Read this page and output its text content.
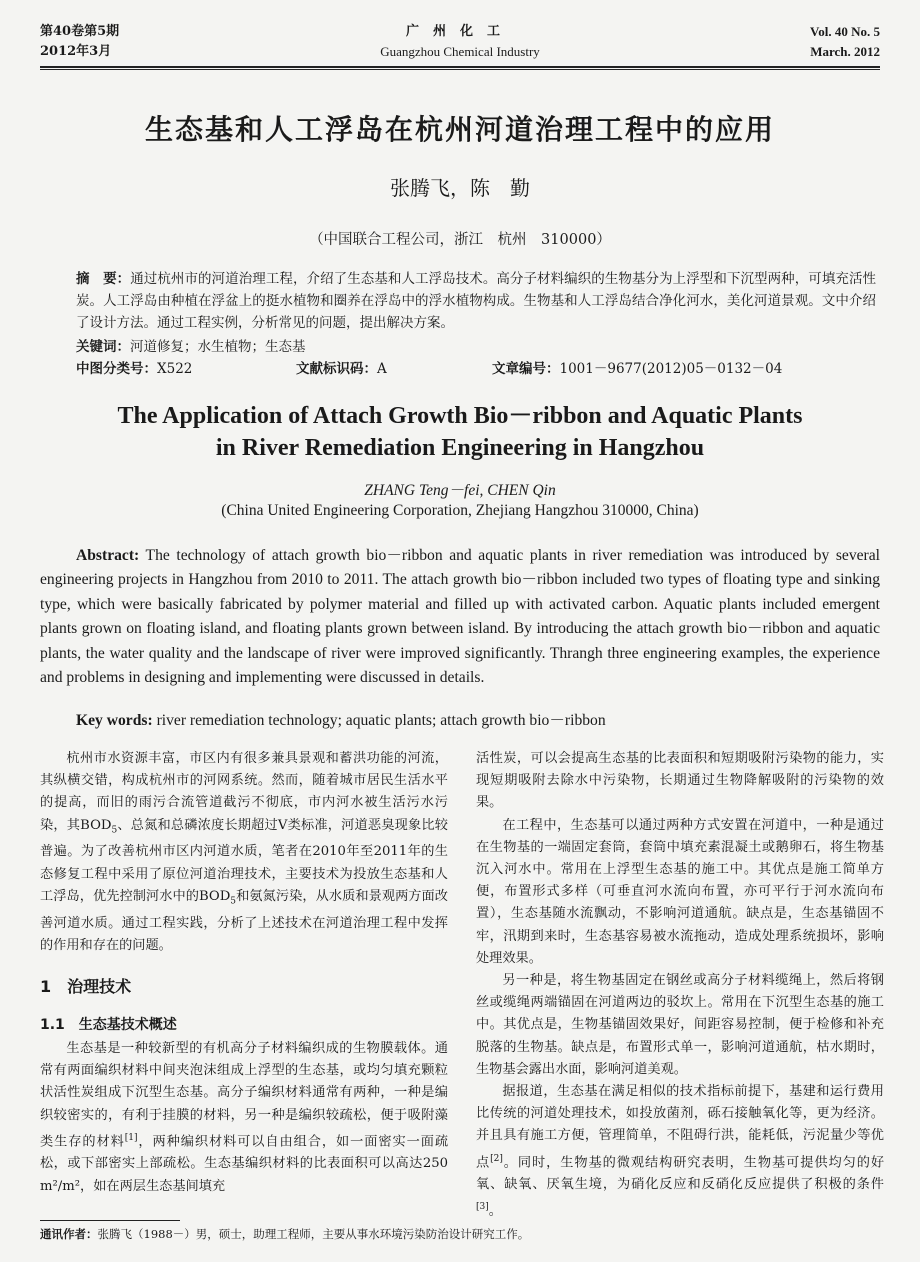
第40卷第5期
2012年3月
广州化工
Guangzhou Chemical Industry
Vol. 40 No. 5
March. 2012
生态基和人工浮岛在杭州河道治理工程中的应用
张腾飞，陈　勤
（中国联合工程公司，浙江　杭州　310000）
摘　要：通过杭州市的河道治理工程，介绍了生态基和人工浮岛技术。高分子材料编织的生物基分为上浮型和下沉型两种，可填充活性炭。人工浮岛由种植在浮盆上的挺水植物和圈养在浮岛中的浮水植物构成。生物基和人工浮岛结合净化河水，美化河道景观。文中介绍了设计方法。通过工程实例，分析常见的问题，提出解决方案。
关键词：河道修复；水生植物；生态基
中图分类号：X522	文献标识码：A	文章编号：1001－9677(2012)05－0132－04
The Application of Attach Growth Bio－ribbon and Aquatic Plants
in River Remediation Engineering in Hangzhou
ZHANG Teng－fei, CHEN Qin
(China United Engineering Corporation, Zhejiang Hangzhou 310000, China)
Abstract: The technology of attach growth bio－ribbon and aquatic plants in river remediation was introduced by several engineering projects in Hangzhou from 2010 to 2011. The attach growth bio－ribbon included two types of floating type and sinking type, which were basically fabricated by polymer material and filled up with activated carbon. Aquatic plants included emergent plants grown on floating island, and floating plants grown between island. By introducing the attach growth bio－ribbon and aquatic plants, the water quality and the landscape of river were improved significantly. Thrangh three engineering examples, the experience and problems in designing and implementing were discussed in details.
Key words: river remediation technology; aquatic plants; attach growth bio－ribbon

杭州市水资源丰富，市区内有很多兼具景观和蓄洪功能的河流，其纵横交错，构成杭州市的河网系统。然而，随着城市居民生活水平的提高，而旧的雨污合流管道截污不彻底，市内河水被生活污水污染，其$BOD_5$、总氮和总磷浓度长期超过Ⅴ类标准，河道恶臭现象比较普遍。为了改善杭州市区内河道水质，笔者在2010年至2011年的生态修复工程中采用了原位河道治理技术，主要技术为投放生态基和人工浮岛，优先控制河水中的$BOD_5$和氨氮污染，从水质和景观两方面改善河道水质。通过工程实践，分析了上述技术在河道治理工程中发挥的作用和存在的问题。

1　治理技术
1.1　生态基技术概述

生态基是一种较新型的有机高分子材料编织成的生物膜载体。通常有两面编织材料中间夹泡沫组成上浮型的生态基，或均匀填充颗粒状活性炭组成下沉型生态基。高分子编织材料通常有两种，一种是编织较密实的，有利于挂膜的材料，另一种是编织较疏松，便于吸附藻类生存的材料[1]，两种编织材料可以自由组合，如一面密实一面疏松，或下部密实上部疏松。生态基编织材料的比表面积可以高达250 m²/m²，如在两层生态基间填充

活性炭，可以会提高生态基的比表面积和短期吸附污染物的能力，实现短期吸附去除水中污染物，长期通过生物降解吸附的污染物的效果。

在工程中，生态基可以通过两种方式安置在河道中，一种是通过在生物基的一端固定套筒，套筒中填充素混凝土或鹅卵石，将生物基沉入河水中。常用在上浮型生态基的施工中。其优点是施工简单方便，布置形式多样（可垂直河水流向布置，亦可平行于河水流向布置），生态基随水流飘动，不影响河道通航。缺点是，生态基锚固不牢，汛期到来时，生态基容易被水流拖动，造成处理系统损坏，影响处理效果。

另一种是，将生物基固定在钢丝或高分子材料缆绳上，然后将钢丝或缆绳两端锚固在河道两边的驳坎上。常用在下沉型生态基的施工中。其优点是，生物基锚固效果好，间距容易控制，便于检修和补充脱落的生物基。缺点是，布置形式单一，影响河道通航，枯水期时，生物基会露出水面，影响河道美观。

据报道，生态基在满足相似的技术指标前提下，基建和运行费用比传统的河道处理技术，如投放菌剂，砾石接触氧化等，更为经济。并且具有施工方便，管理简单，不阻碍行洪，能耗低，污泥量少等优点[2]。同时，生物基的微观结构研究表明，生物基可提供均匀的好氧、缺氧、厌氧生境，为硝化反应和反硝化反应提供了积极的条件[3]。

通讯作者：张腾飞（1988－）男，硕士，助理工程师，主要从事水环境污染防治设计研究工作。
